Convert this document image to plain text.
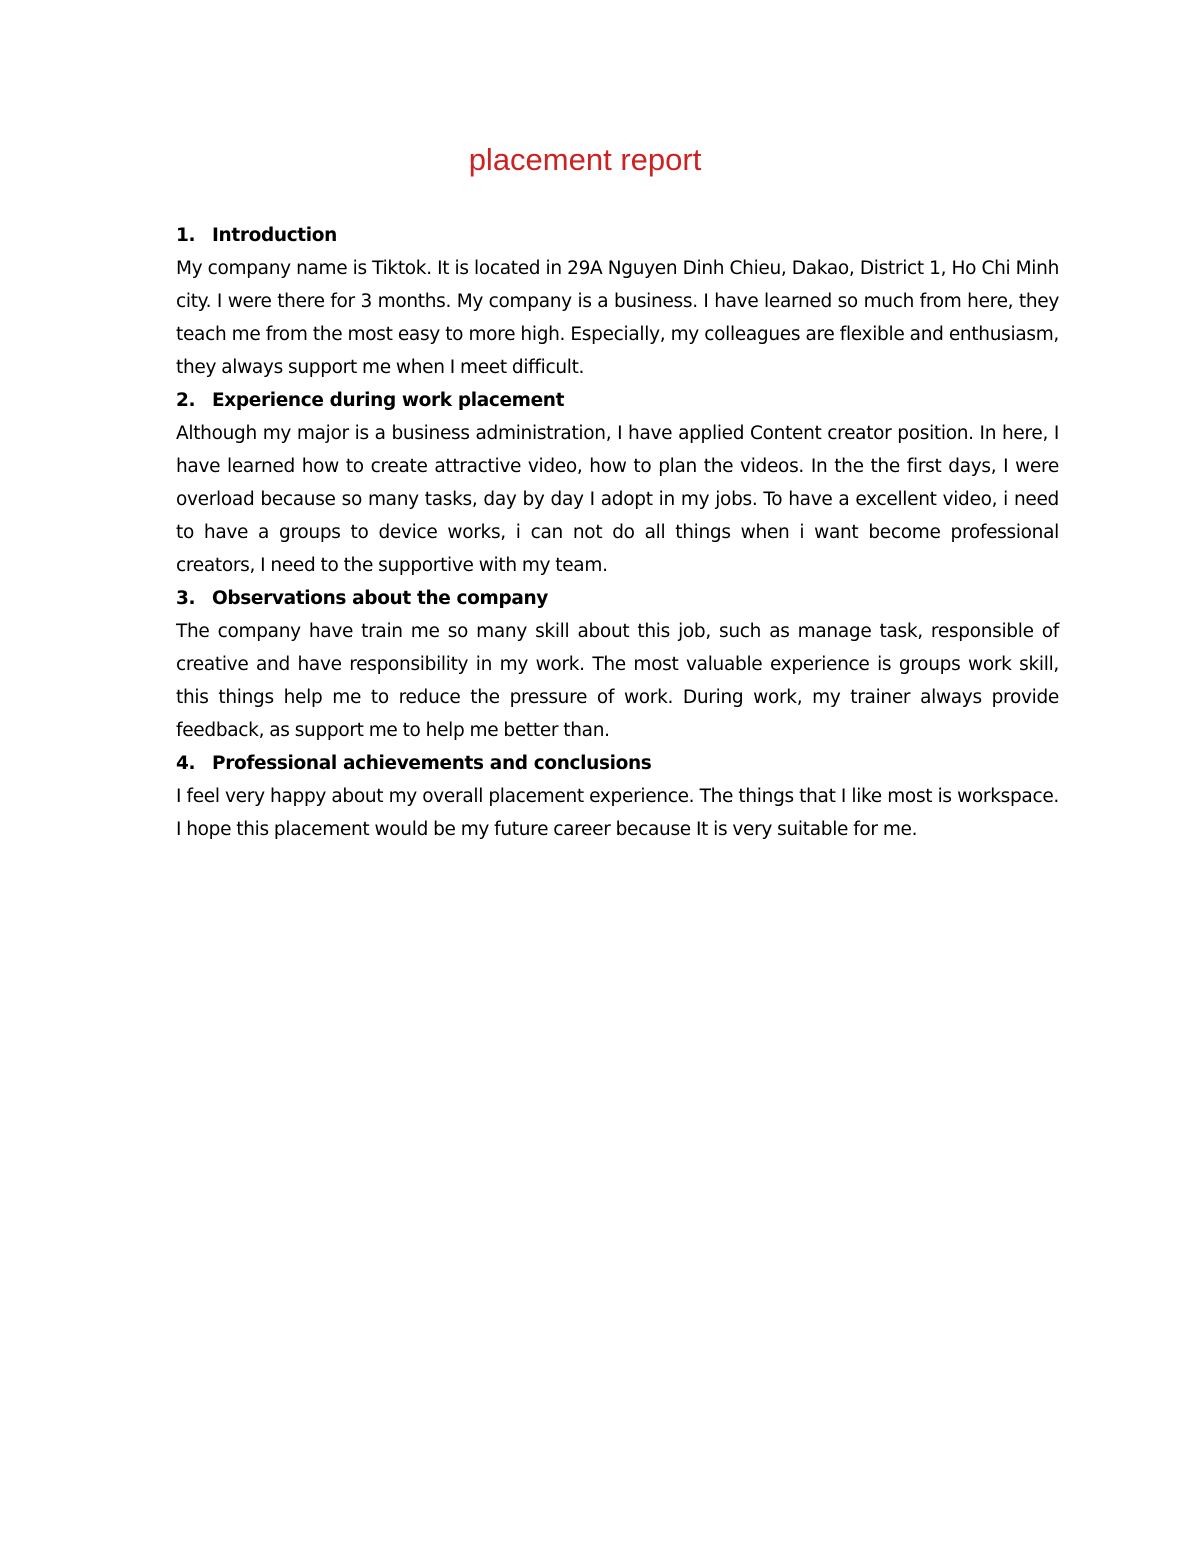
placement report

1. Introduction

My company name is Tiktok. It is located in 29A Nguyen Dinh Chieu, Dakao, District 1, Ho Chi Minh city. I were there for 3 months. My company is a business. I have learned so much from here, they teach me from the most easy to more high. Especially, my colleagues are flexible and enthusiasm, they always support me when I meet difficult.

2. Experience during work placement

Although my major is a business administration, I have applied Content creator position. In here, I have learned how to create attractive video, how to plan the videos. In the the first days, I were overload because so many tasks, day by day I adopt in my jobs. To have a excellent video, i need to have a groups to device works, i can not do all things when i want become professional creators, I need to the supportive with my team.

3. Observations about the company

The company have train me so many skill about this job, such as manage task, responsible of creative and have responsibility in my work. The most valuable experience is groups work skill, this things help me to reduce the pressure of work. During work, my trainer always provide feedback, as support me to help me better than.

4. Professional achievements and conclusions

I feel very happy about my overall placement experience. The things that I like most is workspace. I hope this placement would be my future career because It is very suitable for me.
